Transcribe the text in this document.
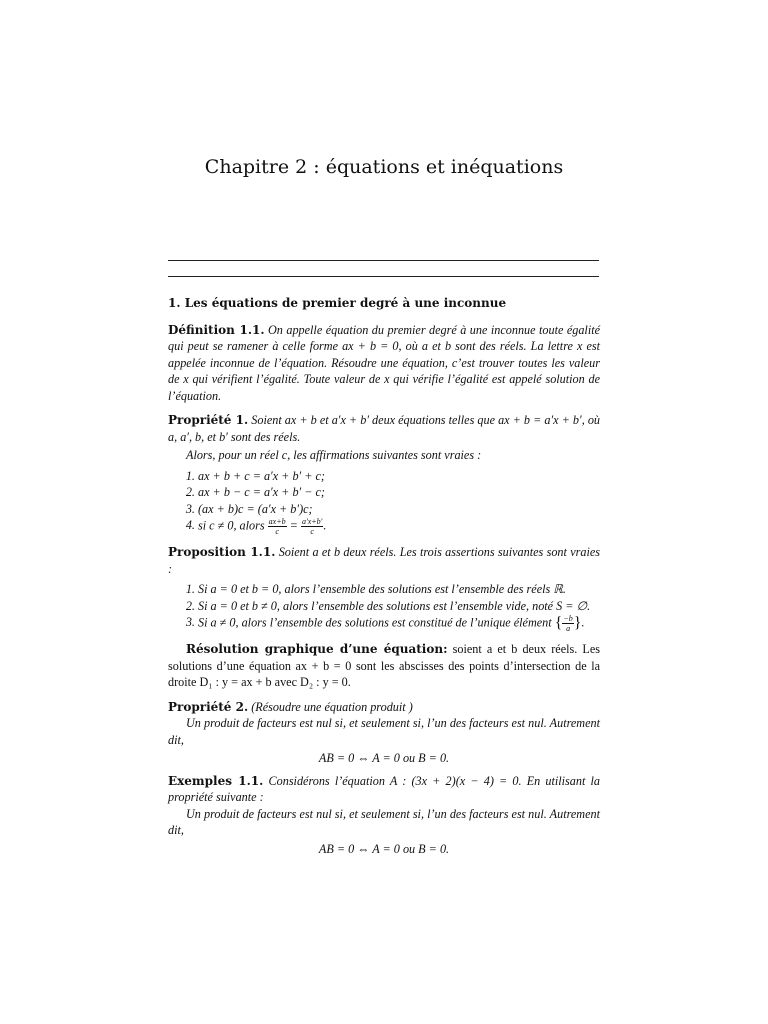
Chapitre 2 : équations et inéquations
1. Les équations de premier degré à une inconnue

Définition 1.1. On appelle équation du premier degré à une inconnue toute égalité qui peut se ramener à celle forme ax + b = 0, où a et b sont des réels. La lettre x est appelée inconnue de l’équation. Résoudre une équation, c’est trouver toutes les valeur de x qui vérifient l’égalité. Toute valeur de x qui vérifie l’égalité est appelé solution de l’équation.

Propriété 1. Soient ax + b et a′x + b′ deux équations telles que ax + b = a′x + b′, où a, a′, b, et b′ sont des réels.

Alors, pour un réel c, les affirmations suivantes sont vraies :

1. ax + b + c = a′x + b′ + c;
2. ax + b − c = a′x + b′ − c;
3. (ax + b)c = (a′x + b′)c;
4. si c ≠ 0, alors $\frac{ax+b}{c} = \frac{a'x+b'}{c}$ .

Proposition 1.1. Soient a et b deux réels. Les trois assertions suivantes sont vraies :

1. Si a = 0 et b = 0, alors l’ensemble des solutions est l’ensemble des réels ℝ.
2. Si a = 0 et b ≠ 0, alors l’ensemble des solutions est l’ensemble vide, noté S = ∅.
3. Si a ≠ 0, alors l’ensemble des solutions est constitué de l’unique élément { $\frac{-b}{a}$ }.

Résolution graphique d’une équation: soient a et b deux réels. Les solutions d’une équation ax + b = 0 sont les abscisses des points d’intersection de la droite D₁ : y = ax + b avec D₂ : y = 0.

Propriété 2. (Résoudre une équation produit )

Un produit de facteurs est nul si, et seulement si, l’un des facteurs est nul. Autrement dit,

AB = 0 ⇔ A = 0 ou B = 0.

Exemples 1.1. Considérons l’équation A : (3x + 2)(x − 4) = 0. En utilisant la propriété suivante :

Un produit de facteurs est nul si, et seulement si, l’un des facteurs est nul. Autrement dit,

AB = 0 ⇔ A = 0 ou B = 0.
